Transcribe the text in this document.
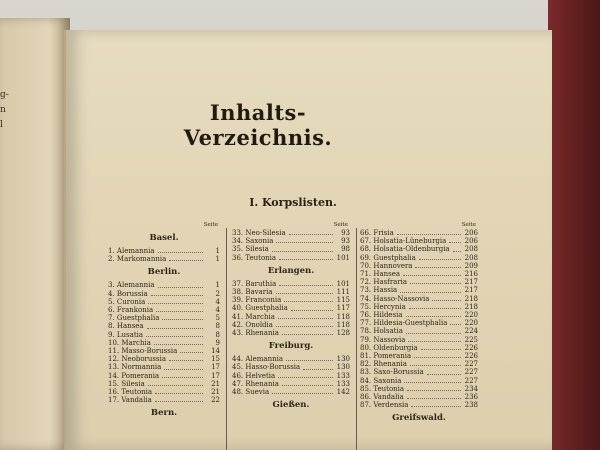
g-
n
l	Inhalts-Verzeichnis.
I. Korpslisten.
Seite
Basel.
1. Alemannia	1
2. Markomannia	1
Berlin.
3. Alemannia	1
4. Borussia	2
5. Curonia	4
6. Frankonia	4
7. Guestphalia	5
8. Hansea	8
9. Lusatia	8
10. Marchia	9
11. Masso-Borussia	14
12. Neoborussia	15
13. Normannia	17
14. Pomerania	17
15. Silesia	21
16. Teutonia	21
17. Vandalia	22
Bern.
Seite
33. Neo-Silesia	93
34. Saxonia	93
35. Silesia	98
36. Teutonia	101
Erlangen.
37. Baruthia	101
38. Bavaria	111
39. Franconia	115
40. Guestphalia	117
41. Marchia	118
42. Onoldia	118
43. Rhenania	128
Freiburg.
44. Alemannia	130
45. Hasso-Borussia	130
46. Helvetia	133
47. Rhenania	133
48. Suevia	142
Gießen.
Seite
66. Frisia	206
67. Holsatia-Lüneburgia	206
68. Holsatia-Oldenburgia 208
69. Guestphalia	208
70. Hannovera	209
71. Hansea	216
72. Hasfraria	217
73. Hassia	217
74. Hasso-Nassovia	218
75. Hercynia	218
76. Hildesia	220
77. Hildesia-Guestphalia 220
78. Holsatia	224
79. Nassovia	225
80. Oldenburgia	226
81. Pomerania	226
82. Rhenania	227
83. Saxo-Borussia	227
84. Saxonia	227
85. Teutonia	234
86. Vandalia	236
87. Verdensia	238
Greifswald.
